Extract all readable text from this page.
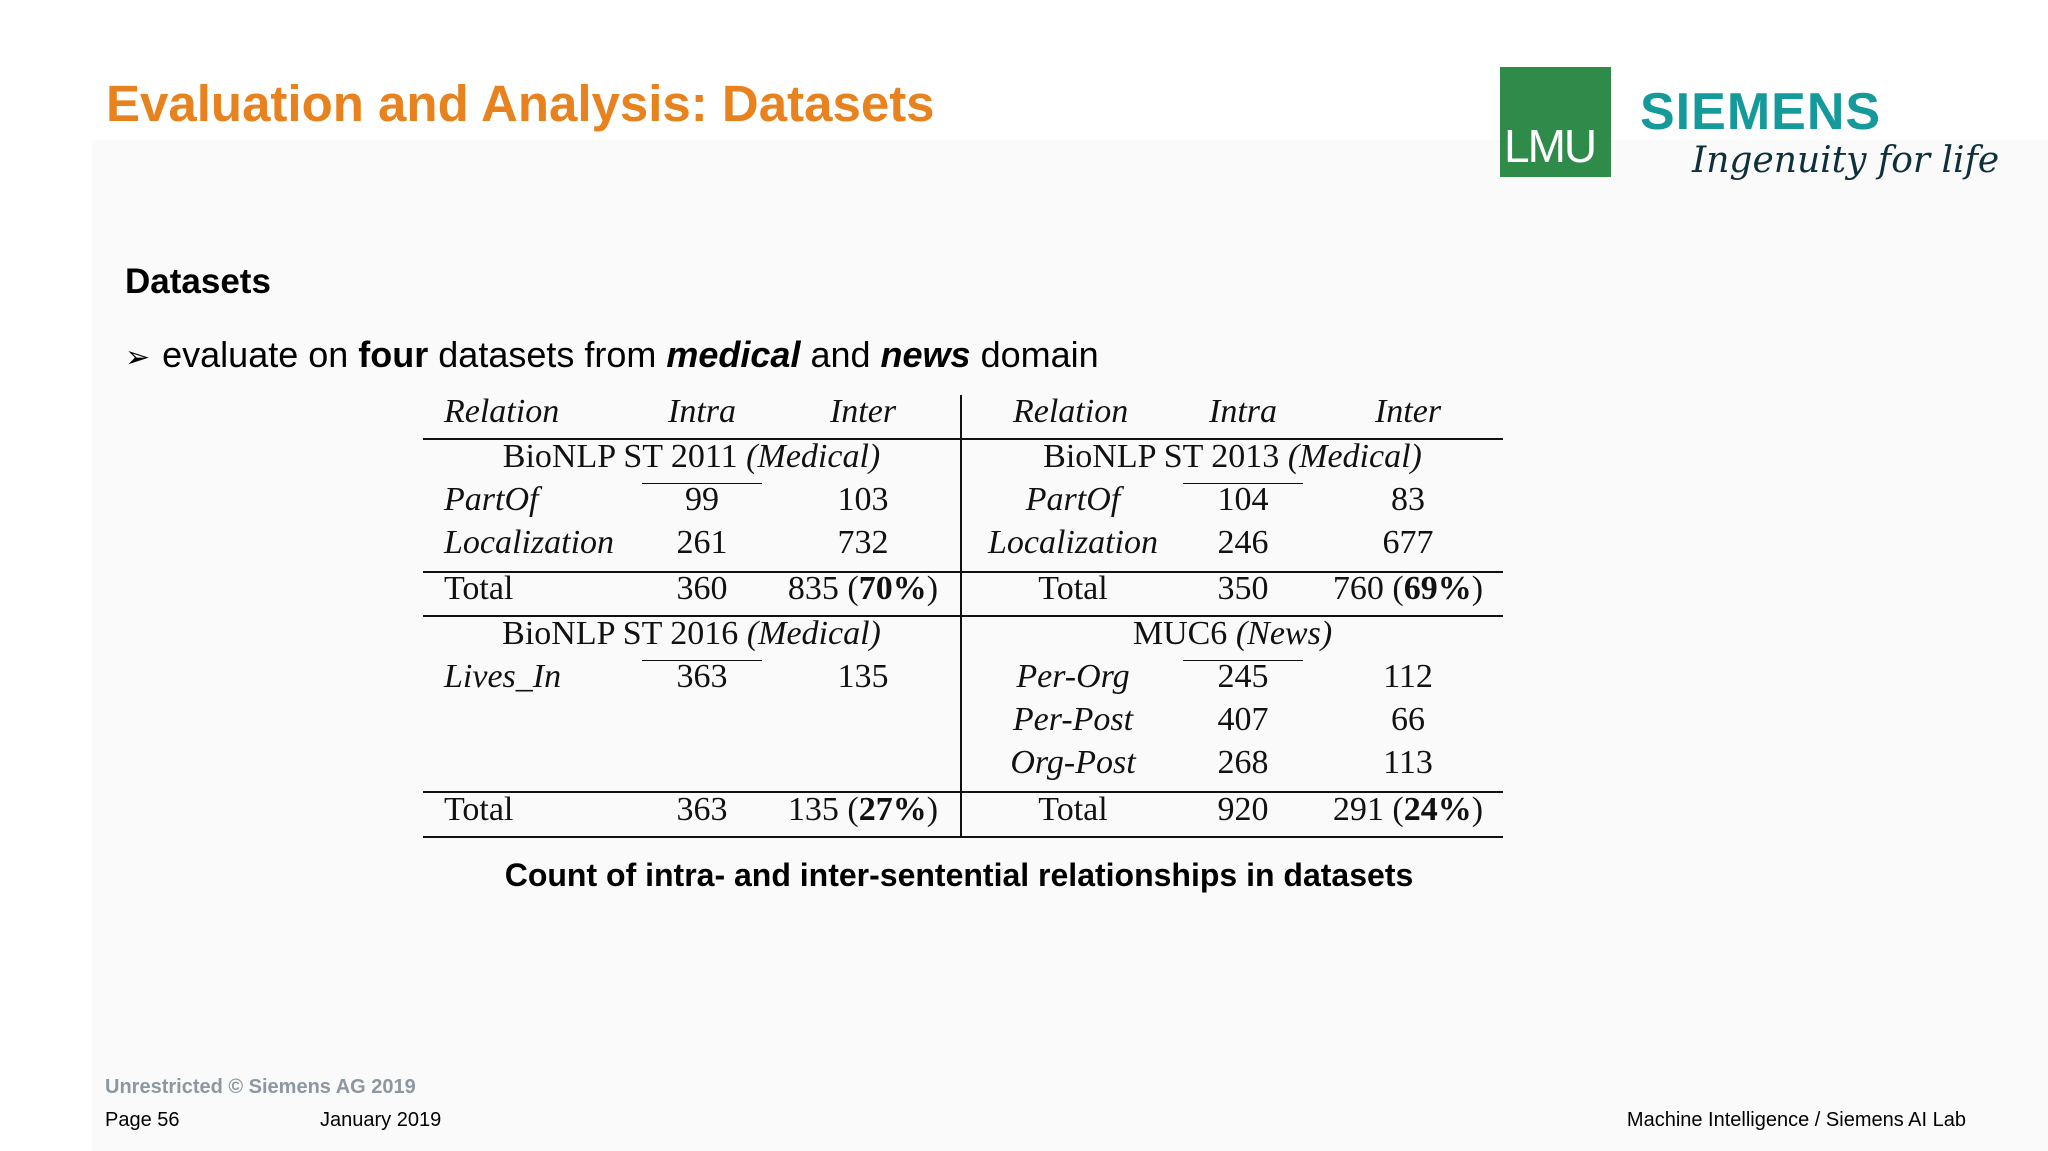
Evaluation and Analysis: Datasets
LMU
SIEMENS
Ingenuity for life
Datasets
➢ evaluate on four datasets from medical and news domain
Relation	Intra	Inter	Relation	Intra	Inter
BioNLP ST 2011 (Medical)
PartOf	99	103
Localization	261	732
Total	360	835 (70%)
BioNLP ST 2016 (Medical)
Lives_In	363	135
Total	363	135 (27%)
BioNLP ST 2013 (Medical)
PartOf	104	83
Localization	246	677
Total	350	760 (69%)
MUC6 (News)
Per-Org	245	112
Per-Post	407	66
Org-Post	268	113
Total	920	291 (24%)
Count of intra- and inter-sentential relationships in datasets
Unrestricted © Siemens AG 2019
Page 56	January 2019	Machine Intelligence / Siemens AI Lab
